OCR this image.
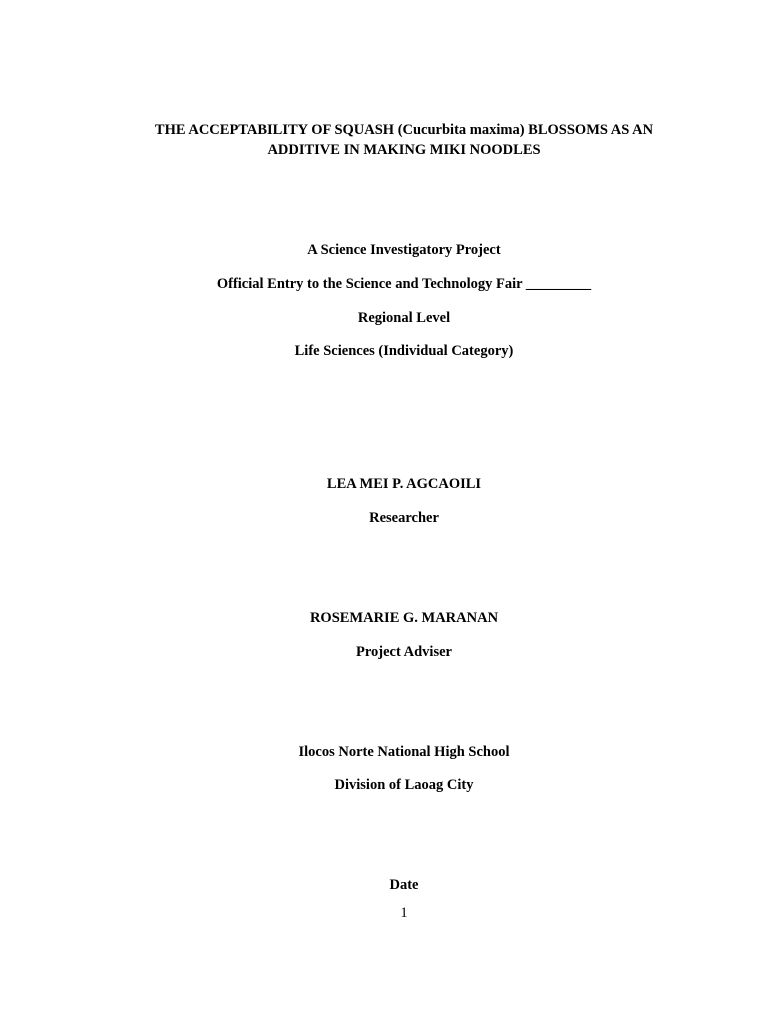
THE ACCEPTABILITY OF SQUASH (Cucurbita maxima) BLOSSOMS AS AN
ADDITIVE IN MAKING MIKI NOODLES
A Science Investigatory Project
Official Entry to the Science and Technology Fair _________
Regional Level
Life Sciences (Individual Category)
LEA MEI P. AGCAOILI
Researcher
ROSEMARIE G. MARANAN
Project Adviser
Ilocos Norte National High School
Division of Laoag City
Date
1
